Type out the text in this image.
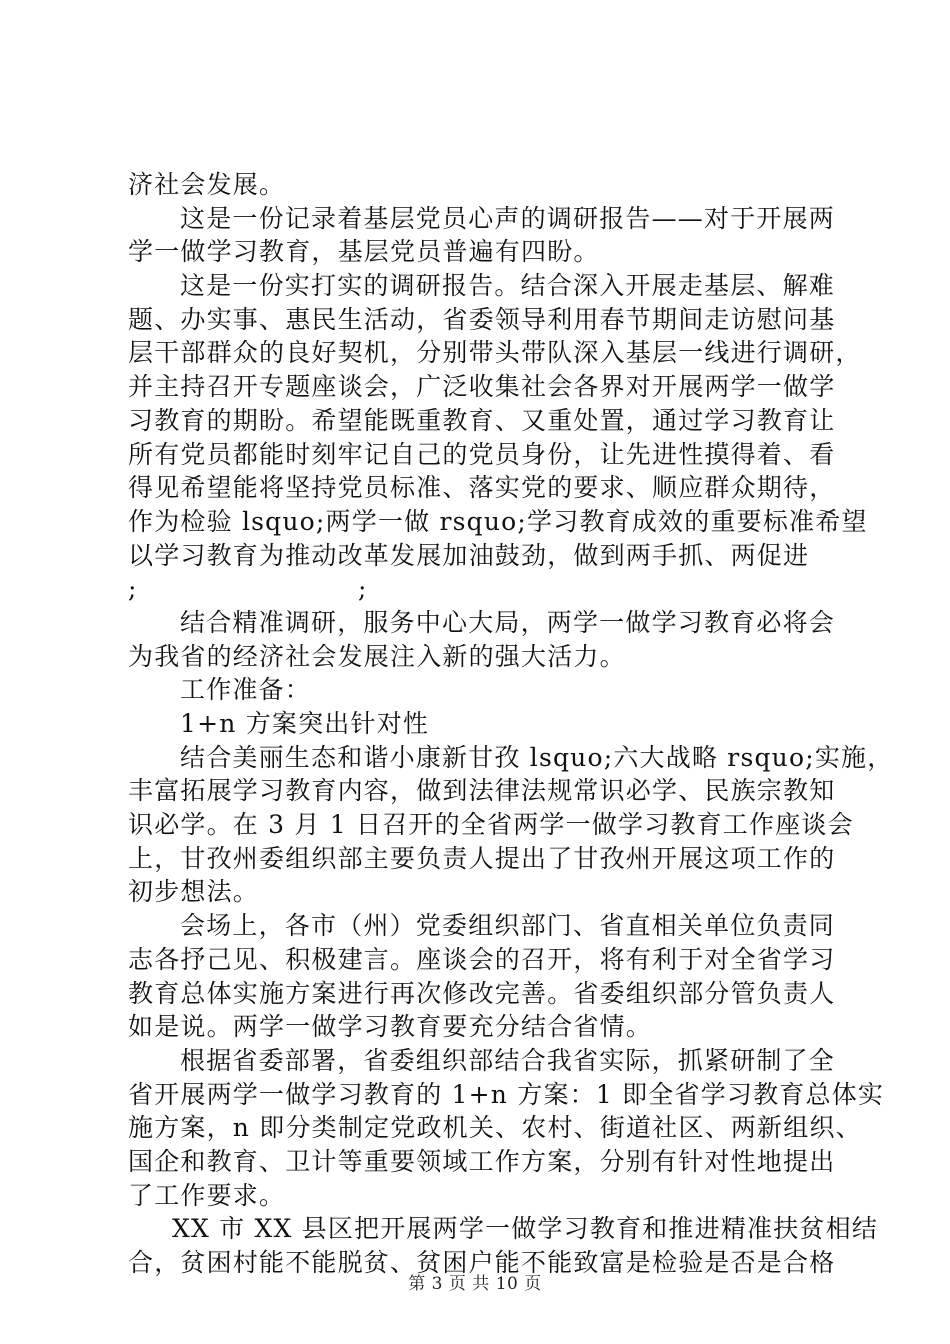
济社会发展。
这是一份记录着基层党员心声的调研报告——对于开展两
学一做学习教育，基层党员普遍有四盼。
这是一份实打实的调研报告。结合深入开展走基层、解难
题、办实事、惠民生活动，省委领导利用春节期间走访慰问基
层干部群众的良好契机，分别带头带队深入基层一线进行调研，
并主持召开专题座谈会，广泛收集社会各界对开展两学一做学
习教育的期盼。希望能既重教育、又重处置，通过学习教育让
所有党员都能时刻牢记自己的党员身份，让先进性摸得着、看
得见希望能将坚持党员标准、落实党的要求、顺应群众期待，
作为检验 lsquo;两学一做 rsquo;学习教育成效的重要标准希望
以学习教育为推动改革发展加油鼓劲，做到两手抓、两促进
;	;
结合精准调研，服务中心大局，两学一做学习教育必将会
为我省的经济社会发展注入新的强大活力。
工作准备：
1+n 方案突出针对性
结合美丽生态和谐小康新甘孜 lsquo;六大战略 rsquo;实施，
丰富拓展学习教育内容，做到法律法规常识必学、民族宗教知
识必学。在 3 月 1 日召开的全省两学一做学习教育工作座谈会
上，甘孜州委组织部主要负责人提出了甘孜州开展这项工作的
初步想法。
会场上，各市（州）党委组织部门、省直相关单位负责同
志各抒己见、积极建言。座谈会的召开，将有利于对全省学习
教育总体实施方案进行再次修改完善。省委组织部分管负责人
如是说。两学一做学习教育要充分结合省情。
根据省委部署，省委组织部结合我省实际，抓紧研制了全
省开展两学一做学习教育的 1+n 方案：1 即全省学习教育总体实
施方案，n 即分类制定党政机关、农村、街道社区、两新组织、
国企和教育、卫计等重要领域工作方案，分别有针对性地提出
了工作要求。
XX 市 XX 县区把开展两学一做学习教育和推进精准扶贫相结
合，贫困村能不能脱贫、贫困户能不能致富是检验是否是合格
第 3 页 共 10 页
